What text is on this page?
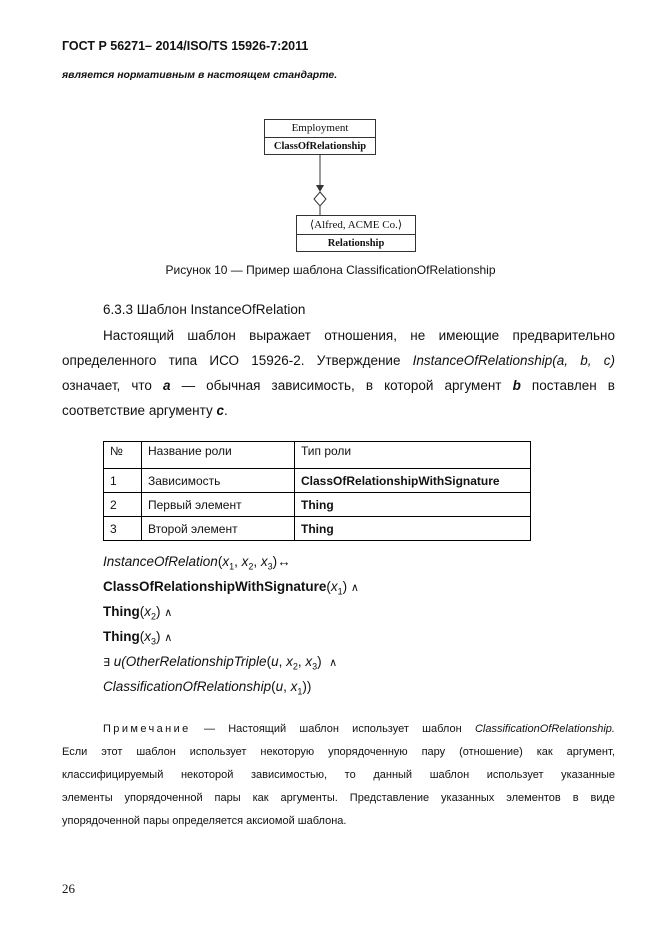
ГОСТ Р 56271– 2014/ISO/TS 15926-7:2011
является нормативным в настоящем стандарте.
Employment
ClassOfRelationship
⟨Alfred, ACME Co.⟩
Relationship
Рисунок 10 — Пример шаблона ClassificationOfRelationship
6.3.3 Шаблон InstanceOfRelation
Настоящий шаблон выражает отношения, не имеющие предварительно
определенного типа ИСО 15926-2. Утверждение InstanceOfRelationship(a, b, c)
означает, что a — обычная зависимость, в которой аргумент b поставлен в
соответствие аргументу c .
№	Название роли	Тип роли
1	Зависимость	ClassOfRelationshipWithSignature
2	Первый элемент	Thing
3	Второй элемент	Thing
$InstanceOfRelation(x_1$, $x_2$, $x_3)\leftrightarrow$
$ClassOfRelationshipWithSignature(x_1)$ ∧
$Thing(x_2)$ ∧
$Thing(x_3)$ ∧
∃ u(OtherRelationshipTriple(u, $x_2$, $x_3$)  ∧
ClassificationOfRelationship(u, $x_1$))
Примечание — Настоящий шаблон использует шаблон ClassificationOfRelationship.
Если этот шаблон использует некоторую упорядоченную пару (отношение) как аргумент,
классифицируемый некоторой зависимостью, то данный шаблон использует указанные
элементы упорядоченной пары как аргументы. Представление указанных элементов в виде
упорядоченной пары определяется аксиомой шаблона.
26
